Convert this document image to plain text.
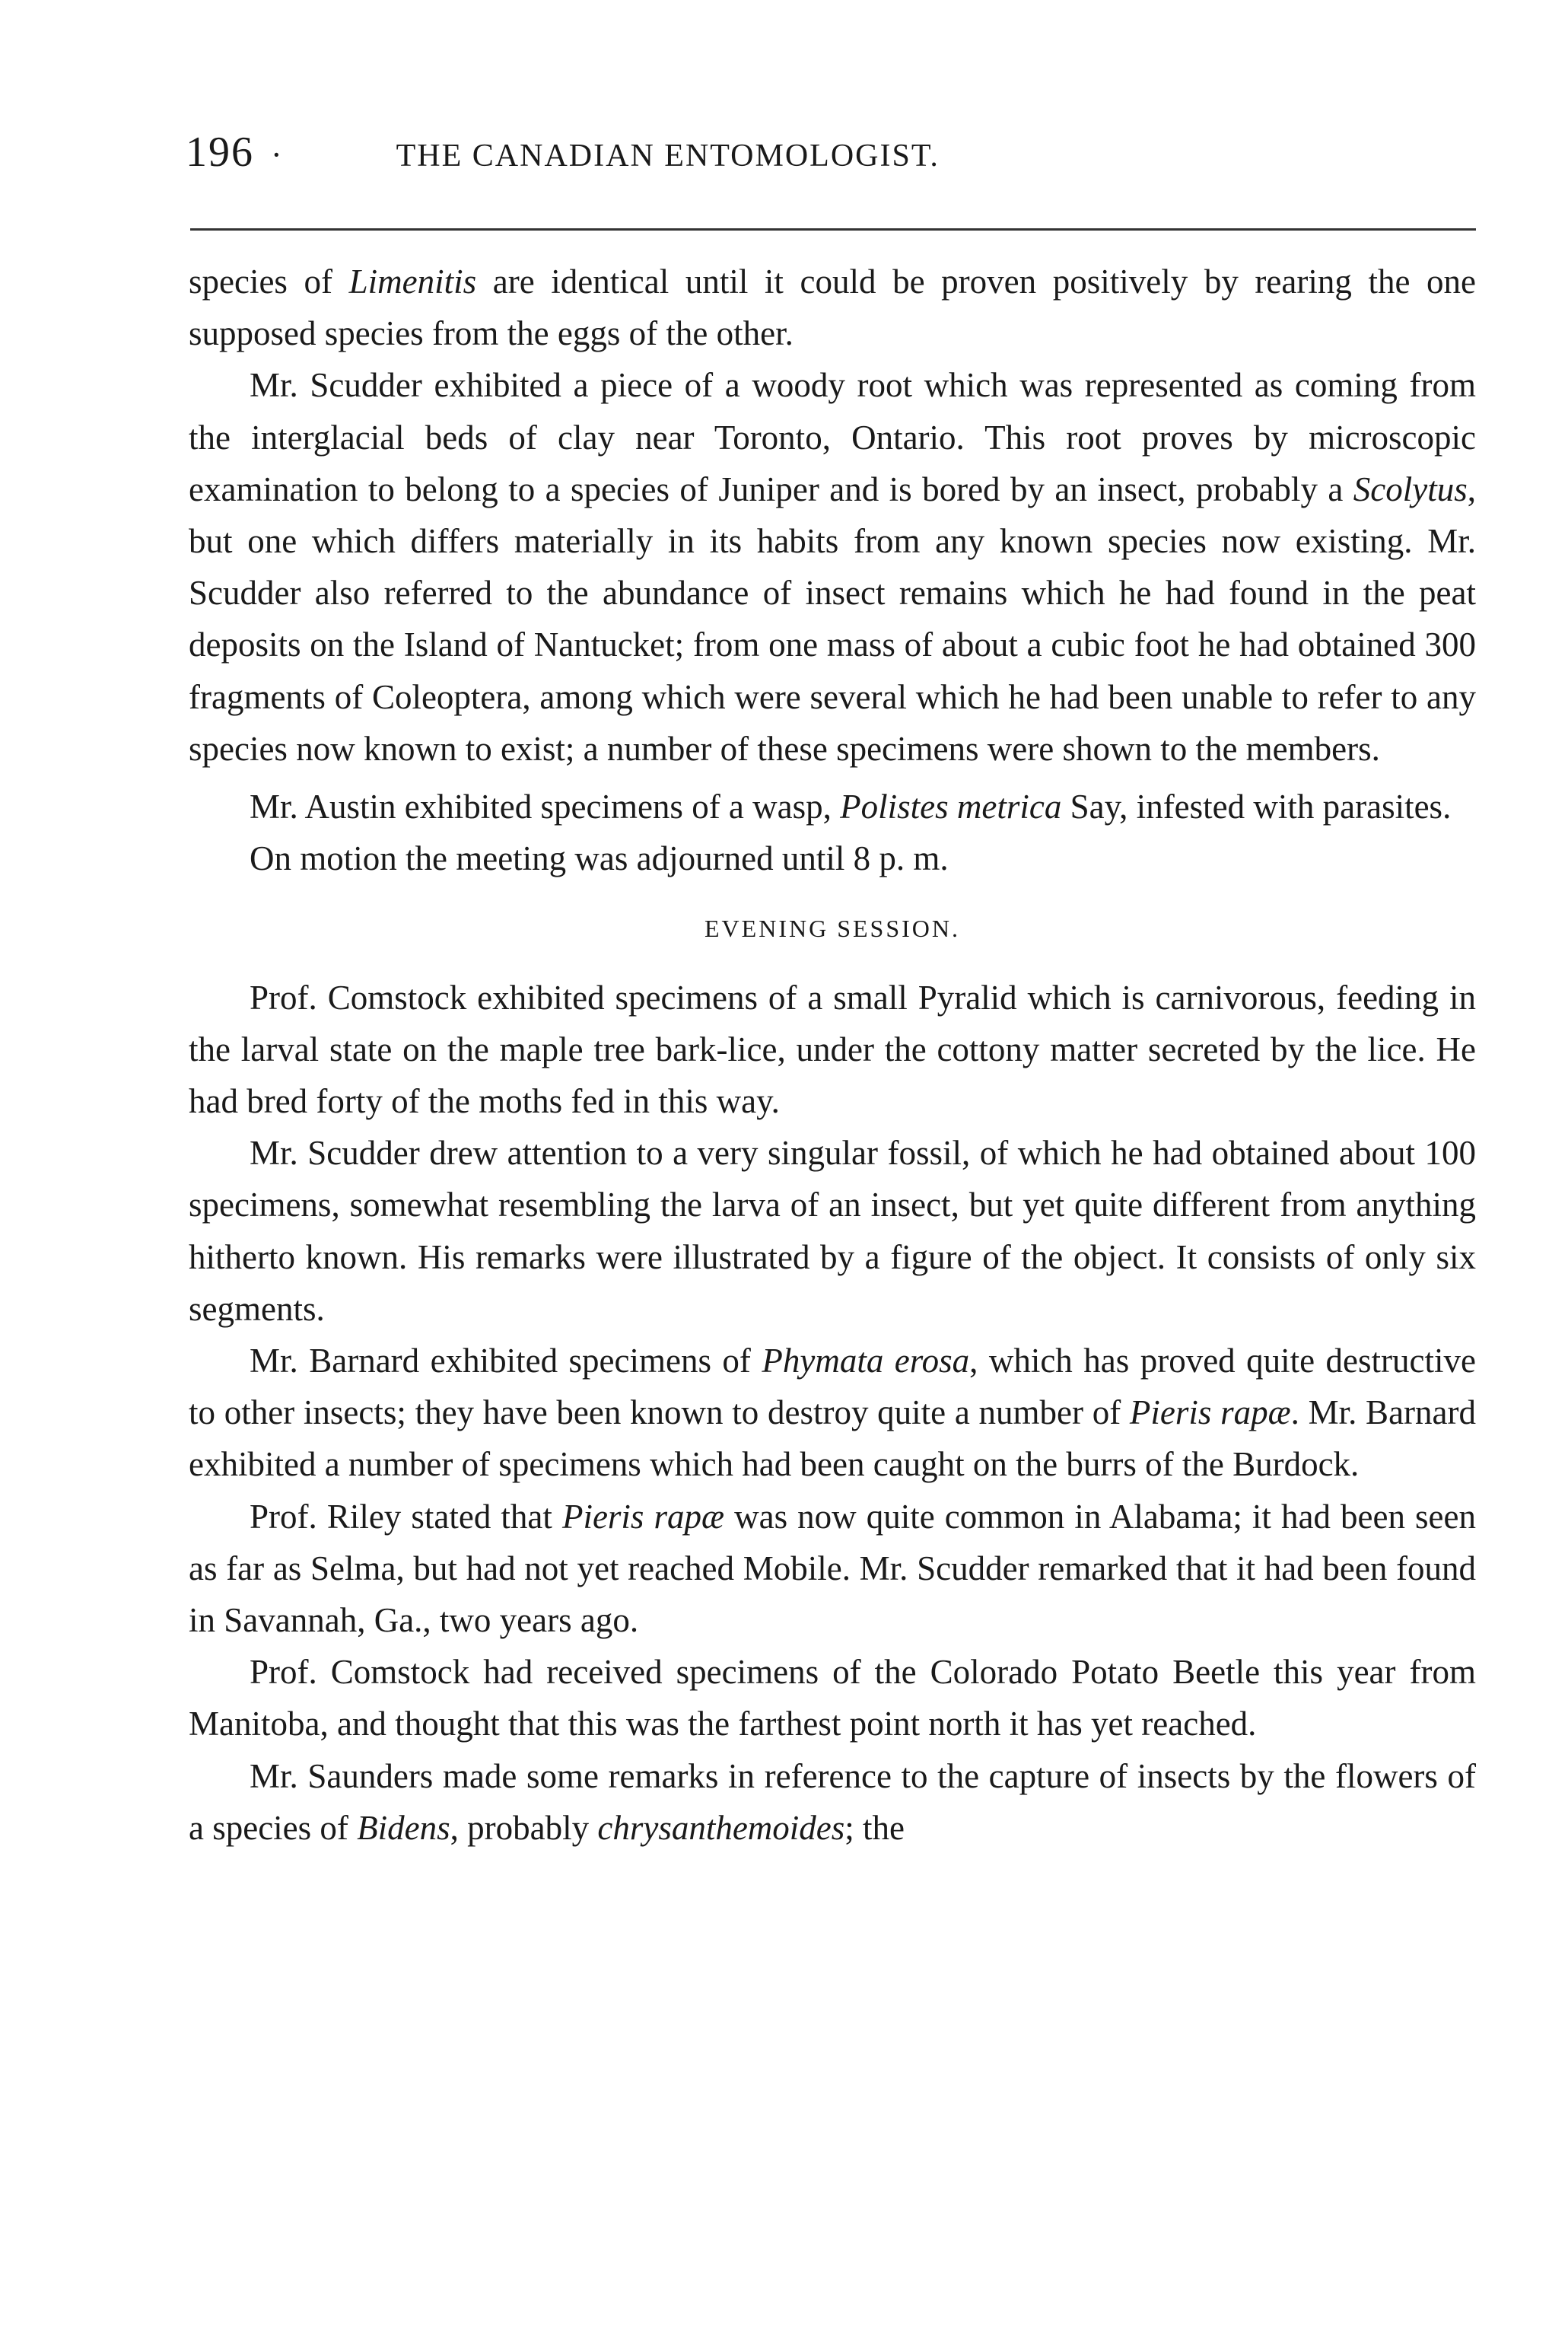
196 ·	THE CANADIAN ENTOMOLOGIST.

species of Limenitis are identical until it could be proven positively by rearing the one supposed species from the eggs of the other.

Mr. Scudder exhibited a piece of a woody root which was represented as coming from the interglacial beds of clay near Toronto, Ontario. This root proves by microscopic examination to belong to a species of Juniper and is bored by an insect, probably a Scolytus, but one which differs materially in its habits from any known species now existing. Mr. Scudder also referred to the abundance of insect remains which he had found in the peat deposits on the Island of Nantucket; from one mass of about a cubic foot he had obtained 300 fragments of Coleoptera, among which were several which he had been unable to refer to any species now known to exist; a number of these specimens were shown to the members.

Mr. Austin exhibited specimens of a wasp, Polistes metrica Say, infested with parasites.

On motion the meeting was adjourned until 8 p. m.

EVENING SESSION.

Prof. Comstock exhibited specimens of a small Pyralid which is carnivorous, feeding in the larval state on the maple tree bark-lice, under the cottony matter secreted by the lice. He had bred forty of the moths fed in this way.

Mr. Scudder drew attention to a very singular fossil, of which he had obtained about 100 specimens, somewhat resembling the larva of an insect, but yet quite different from anything hitherto known. His remarks were illustrated by a figure of the object. It consists of only six segments.

Mr. Barnard exhibited specimens of Phymata erosa, which has proved quite destructive to other insects; they have been known to destroy quite a number of Pieris rapæ. Mr. Barnard exhibited a number of specimens which had been caught on the burrs of the Burdock.

Prof. Riley stated that Pieris rapæ was now quite common in Alabama; it had been seen as far as Selma, but had not yet reached Mobile. Mr. Scudder remarked that it had been found in Savannah, Ga., two years ago.

Prof. Comstock had received specimens of the Colorado Potato Beetle this year from Manitoba, and thought that this was the farthest point north it has yet reached.

Mr. Saunders made some remarks in reference to the capture of insects by the flowers of a species of Bidens, probably chrysanthemoides; the
